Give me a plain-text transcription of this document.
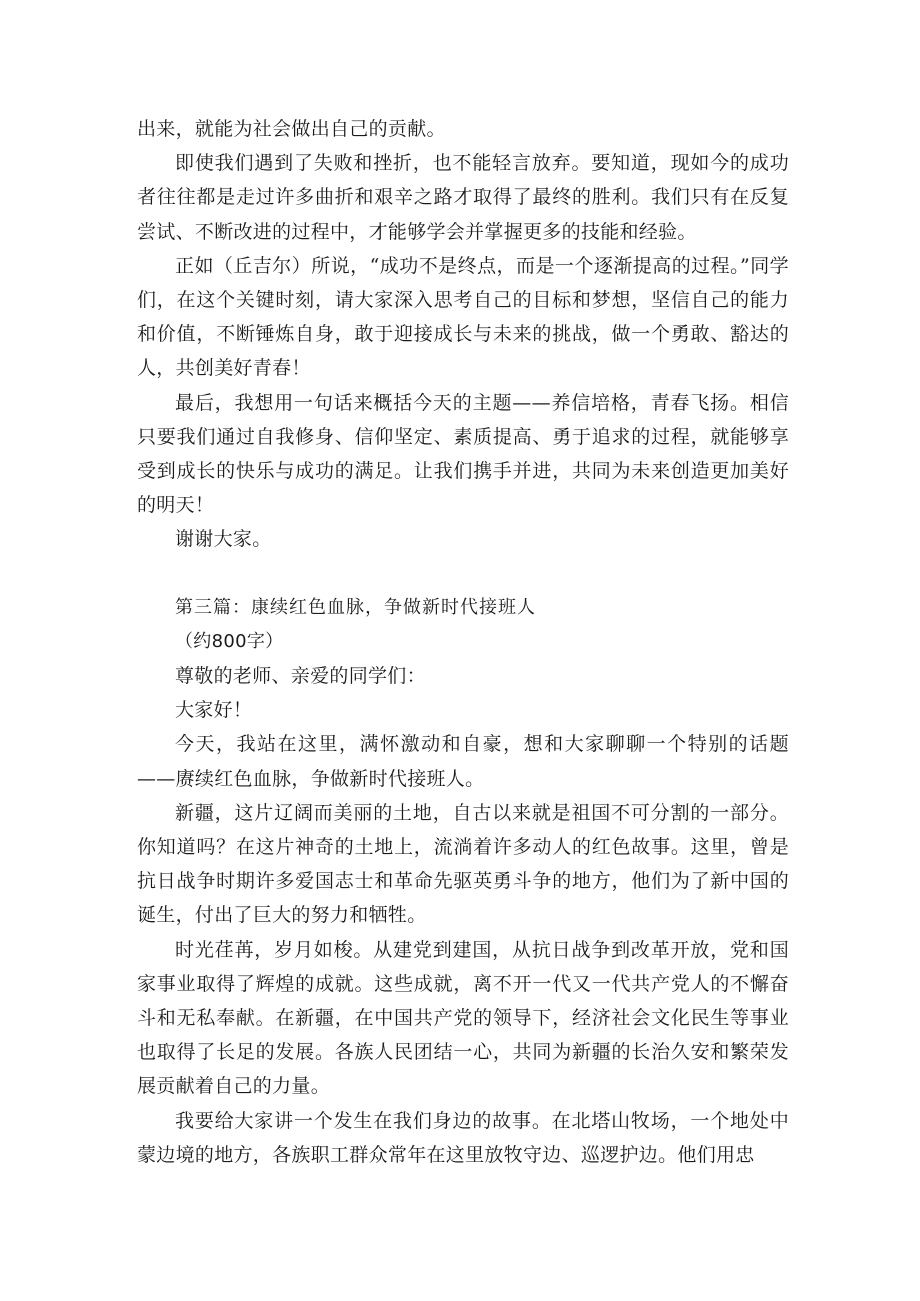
出来，就能为社会做出自己的贡献。

即使我们遇到了失败和挫折，也不能轻言放弃。要知道，现如今的成功者往往都是走过许多曲折和艰辛之路才取得了最终的胜利。我们只有在反复尝试、不断改进的过程中，才能够学会并掌握更多的技能和经验。

正如（丘吉尔）所说，“成功不是终点，而是一个逐渐提高的过程。”同学们，在这个关键时刻，请大家深入思考自己的目标和梦想，坚信自己的能力和价值，不断锤炼自身，敢于迎接成长与未来的挑战，做一个勇敢、豁达的人，共创美好青春！

最后，我想用一句话来概括今天的主题——养信培格，青春飞扬。相信只要我们通过自我修身、信仰坚定、素质提高、勇于追求的过程，就能够享受到成长的快乐与成功的满足。让我们携手并进，共同为未来创造更加美好的明天！

谢谢大家。

第三篇：康续红色血脉，争做新时代接班人

（约800字）

尊敬的老师、亲爱的同学们：

大家好！

今天，我站在这里，满怀激动和自豪，想和大家聊聊一个特别的话题——赓续红色血脉，争做新时代接班人。

新疆，这片辽阔而美丽的土地，自古以来就是祖国不可分割的一部分。你知道吗？在这片神奇的土地上，流淌着许多动人的红色故事。这里，曾是抗日战争时期许多爱国志士和革命先驱英勇斗争的地方，他们为了新中国的诞生，付出了巨大的努力和牺牲。

时光荏苒，岁月如梭。从建党到建国，从抗日战争到改革开放，党和国家事业取得了辉煌的成就。这些成就，离不开一代又一代共产党人的不懈奋斗和无私奉献。在新疆，在中国共产党的领导下，经济社会文化民生等事业也取得了长足的发展。各族人民团结一心，共同为新疆的长治久安和繁荣发展贡献着自己的力量。

我要给大家讲一个发生在我们身边的故事。在北塔山牧场，一个地处中蒙边境的地方，各族职工群众常年在这里放牧守边、巡逻护边。他们用忠
